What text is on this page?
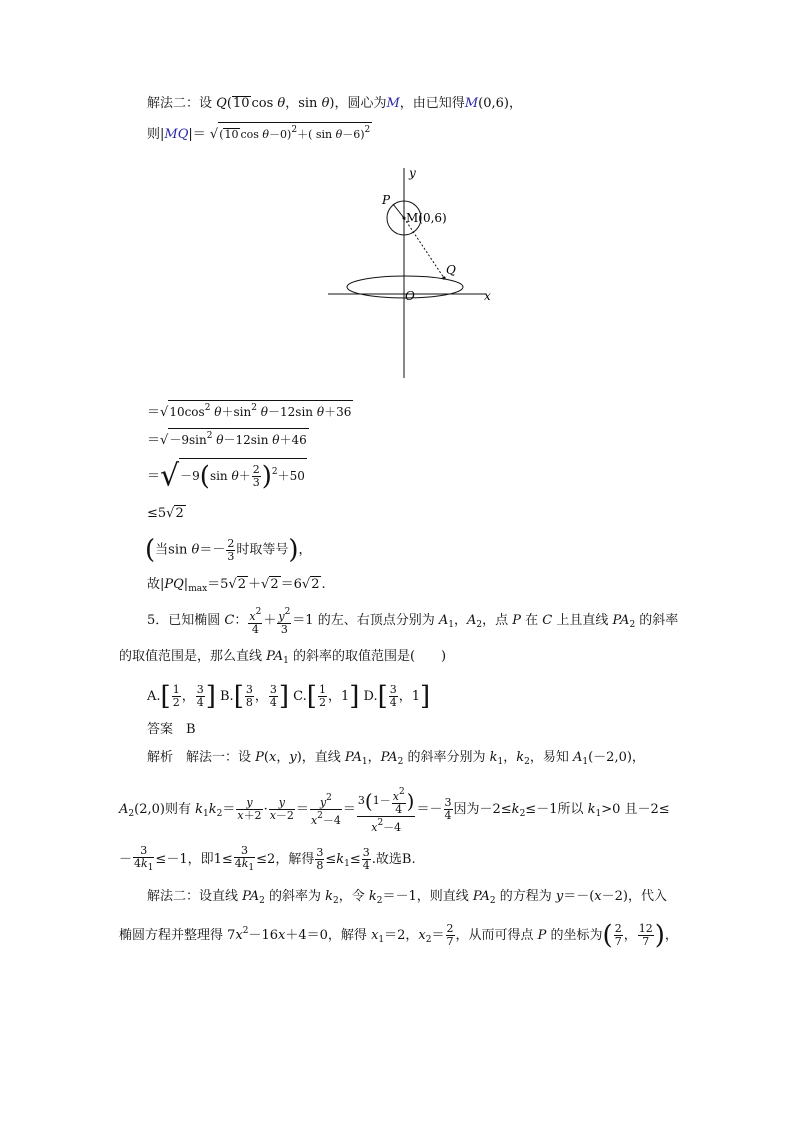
解法二：设 Q(10 cos θ，sin θ)，圆心为M，由已知得M(0,6)，
则|MQ|＝ √(10 cos θ－0)$^2$＋( sin θ－6)$^2$
y
x
P
M(0,6)
Q
O
$=√10\cos^2$ $\theta+\sin^2$ θ－12sin θ＋36
$=√-9\sin^2$ θ－12sin θ＋46
＝√－9(sin $\theta+ \frac{2}{3} )^2+50$
≤5√2
(当$\sin \theta=- \frac{2}{3}$ 时取等号)，
故$|PQ|_{max}=5√2 +√2 =6√2$ .
5．已知椭圆 C： $\frac{x^2}{4} + \frac{y^2}{3} =1$ 的左、右顶点分别为 $A_1$，$A_2$，点 P 在 C 上且直线 $PA_2$ 的斜率
的取值范围是，那么直线 $PA_1$ 的斜率的取值范围是(　　)
$A.[ \frac{1}{2}$ ， $\frac{3}{4}$ ] $B.[ \frac{3}{8}$ ， $\frac{3}{4}$ ] $C.[ \frac{1}{2}$ ，1] $D.[ \frac{3}{4}$ ，1]
答案　 B
解析　解法一：设 P(x，y)，直线 $PA_1$，$PA_2$ 的斜率分别为 $k_1$，$k_2$，易知 $A_1(-2,0)$，
$A_2(2,0)$则有 $k_1k_2= \frac{y}{x+2} \cdot \frac{y}{x-2} = \frac{y^2}{x^2-4} = \frac{3(1- \frac{x^2}{4} )}{x^2-4} =- \frac{3}{4}$ 因为$-2\le k_2\le-1$所以 $k_1>0$ 且－2≤
－ $\frac{3}{4k_1} \le-1$，即$1\le \frac{3}{4k_1} \le 2$，解得 $\frac{3}{8} \le k_1\le \frac{3}{4}$ .故选B.
解法二：设直线 $PA_2$ 的斜率为 $k_2$，令 $k_2=-1$，则直线 $PA_2$ 的方程为 y＝－(x－2)，代入
椭圆方程并整理得 $7x^2-16x+4=0$，解得 $x_1=2$，$x_2= \frac{2}{7}$ ，从而可得点 P 的坐标为( $\frac{2}{7}$ ， $\frac{12}{7}$ )，
